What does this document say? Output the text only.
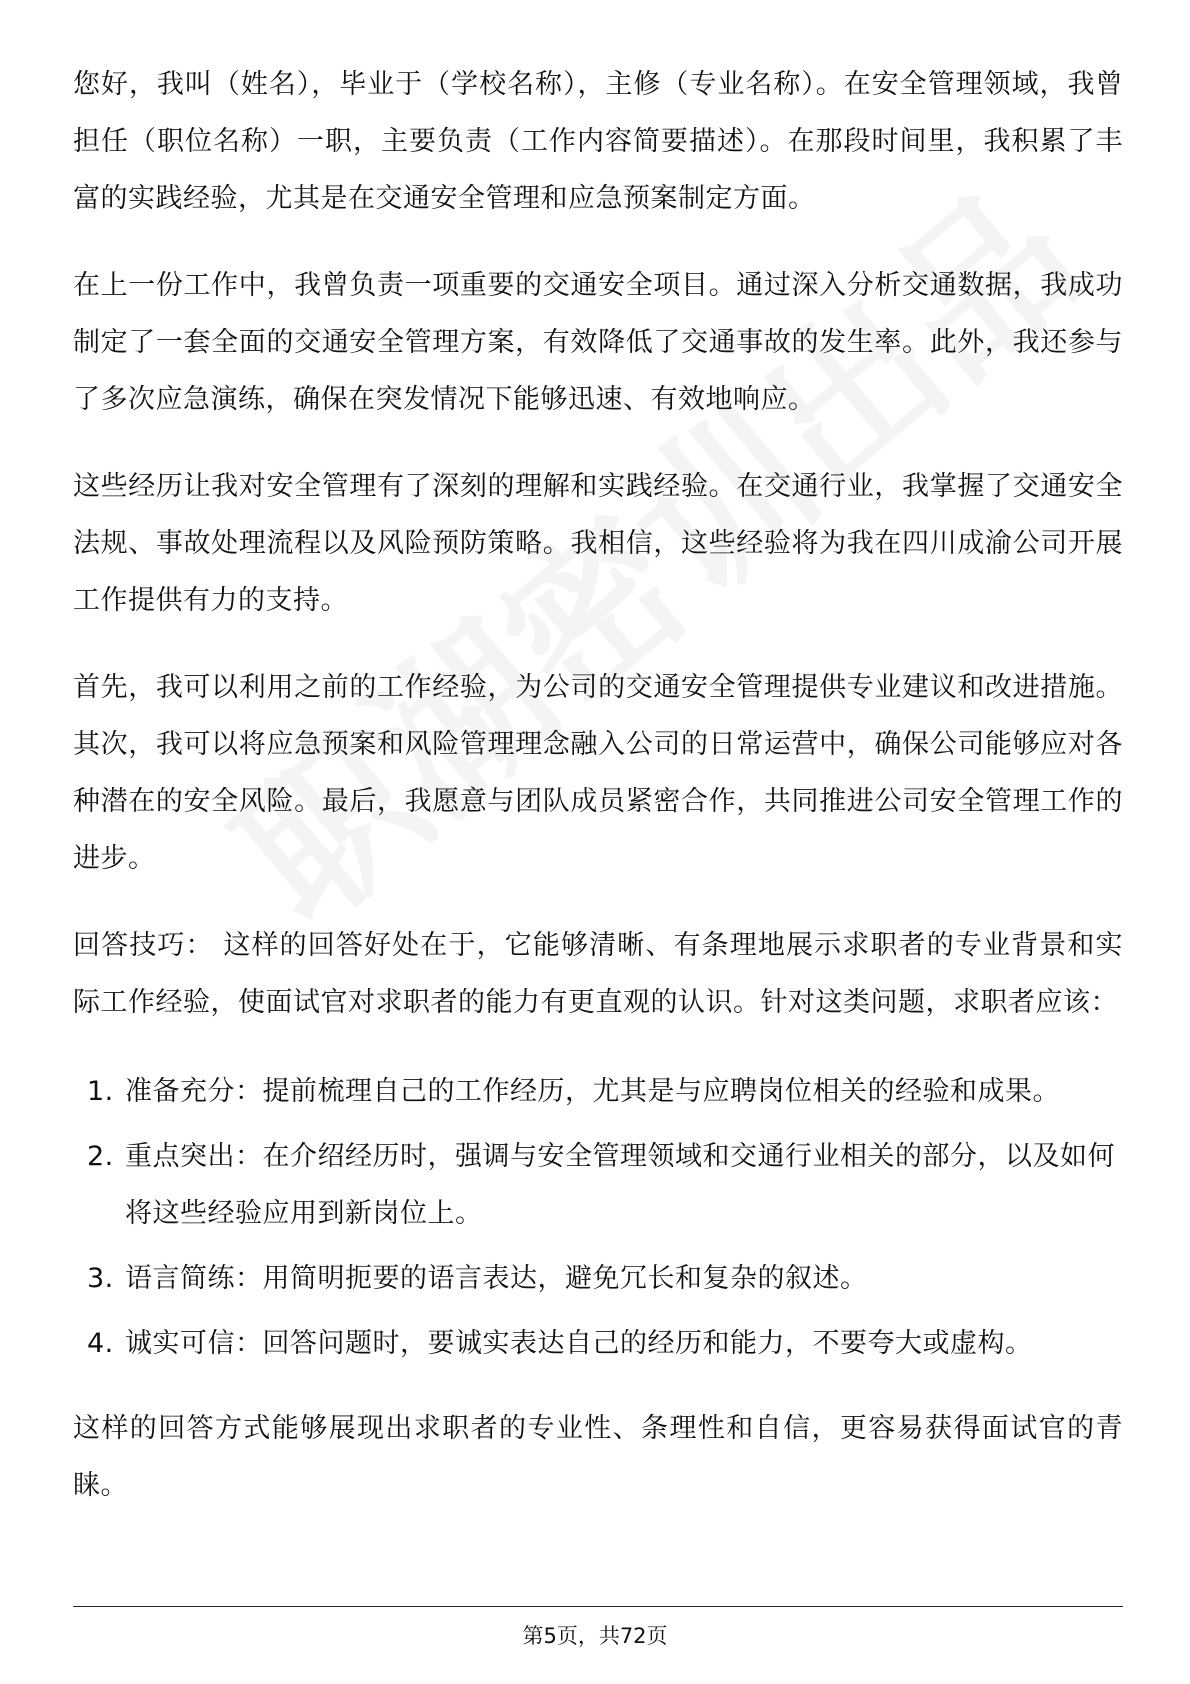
您好，我叫（姓名），毕业于（学校名称），主修（专业名称）。在安全管理领域，我曾担任（职位名称）一职，主要负责（工作内容简要描述）。在那段时间里，我积累了丰富的实践经验，尤其是在交通安全管理和应急预案制定方面。

在上一份工作中，我曾负责一项重要的交通安全项目。通过深入分析交通数据，我成功制定了一套全面的交通安全管理方案，有效降低了交通事故的发生率。此外，我还参与了多次应急演练，确保在突发情况下能够迅速、有效地响应。

这些经历让我对安全管理有了深刻的理解和实践经验。在交通行业，我掌握了交通安全法规、事故处理流程以及风险预防策略。我相信，这些经验将为我在四川成渝公司开展工作提供有力的支持。

首先，我可以利用之前的工作经验，为公司的交通安全管理提供专业建议和改进措施。其次，我可以将应急预案和风险管理理念融入公司的日常运营中，确保公司能够应对各种潜在的安全风险。最后，我愿意与团队成员紧密合作，共同推进公司安全管理工作的进步。

回答技巧： 这样的回答好处在于，它能够清晰、有条理地展示求职者的专业背景和实际工作经验，使面试官对求职者的能力有更直观的认识。针对这类问题，求职者应该：

1. 准备充分：提前梳理自己的工作经历，尤其是与应聘岗位相关的经验和成果。
2. 重点突出：在介绍经历时，强调与安全管理领域和交通行业相关的部分，以及如何将这些经验应用到新岗位上。
3. 语言简练：用简明扼要的语言表达，避免冗长和复杂的叙述。
4. 诚实可信：回答问题时，要诚实表达自己的经历和能力，不要夸大或虚构。

这样的回答方式能够展现出求职者的专业性、条理性和自信，更容易获得面试官的青睐。

第5页，共72页
